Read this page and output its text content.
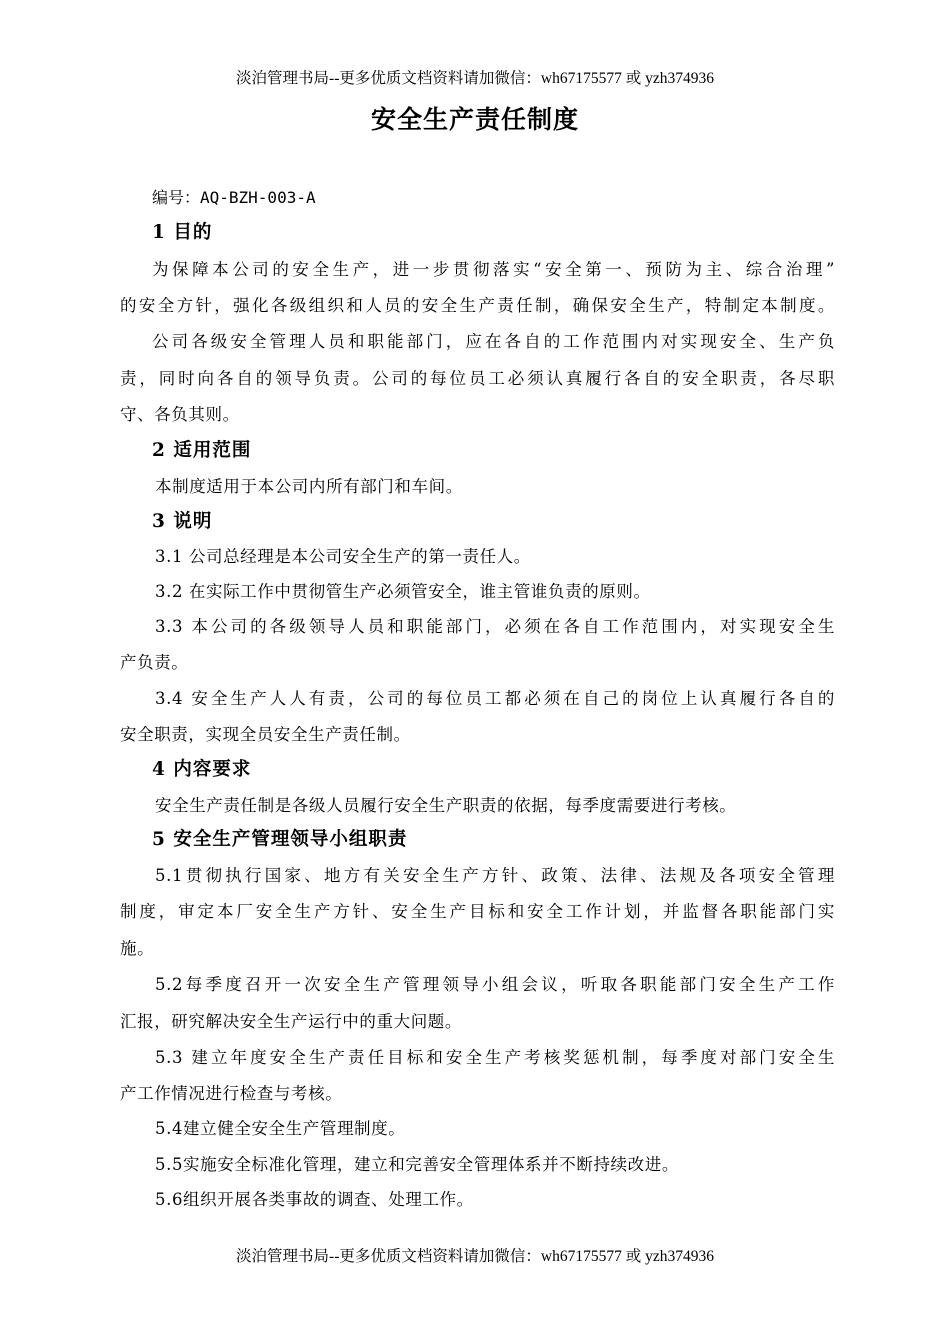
淡泊管理书局--更多优质文档资料请加微信：wh67175577 或 yzh374936
安全生产责任制度
编号：AQ-BZH-003-A
1 目的
为保障本公司的安全生产，进一步贯彻落实“安全第一、预防为主、综合治理”
的安全方针，强化各级组织和人员的安全生产责任制，确保安全生产，特制定本制度。
公司各级安全管理人员和职能部门，应在各自的工作范围内对实现安全、生产负
责，同时向各自的领导负责。公司的每位员工必须认真履行各自的安全职责，各尽职
守、各负其则。
2 适用范围
本制度适用于本公司内所有部门和车间。
3 说明
3.1 公司总经理是本公司安全生产的第一责任人。
3.2 在实际工作中贯彻管生产必须管安全，谁主管谁负责的原则。
3.3 本公司的各级领导人员和职能部门，必须在各自工作范围内，对实现安全生
产负责。
3.4 安全生产人人有责，公司的每位员工都必须在自己的岗位上认真履行各自的
安全职责，实现全员安全生产责任制。
4 内容要求
安全生产责任制是各级人员履行安全生产职责的依据，每季度需要进行考核。
5 安全生产管理领导小组职责
5.1贯彻执行国家、地方有关安全生产方针、政策、法律、法规及各项安全管理
制度，审定本厂安全生产方针、安全生产目标和安全工作计划，并监督各职能部门实
施。
5.2每季度召开一次安全生产管理领导小组会议，听取各职能部门安全生产工作
汇报，研究解决安全生产运行中的重大问题。
5.3 建立年度安全生产责任目标和安全生产考核奖惩机制，每季度对部门安全生
产工作情况进行检查与考核。
5.4建立健全安全生产管理制度。
5.5实施安全标准化管理，建立和完善安全管理体系并不断持续改进。
5.6组织开展各类事故的调查、处理工作。
淡泊管理书局--更多优质文档资料请加微信：wh67175577 或 yzh374936
